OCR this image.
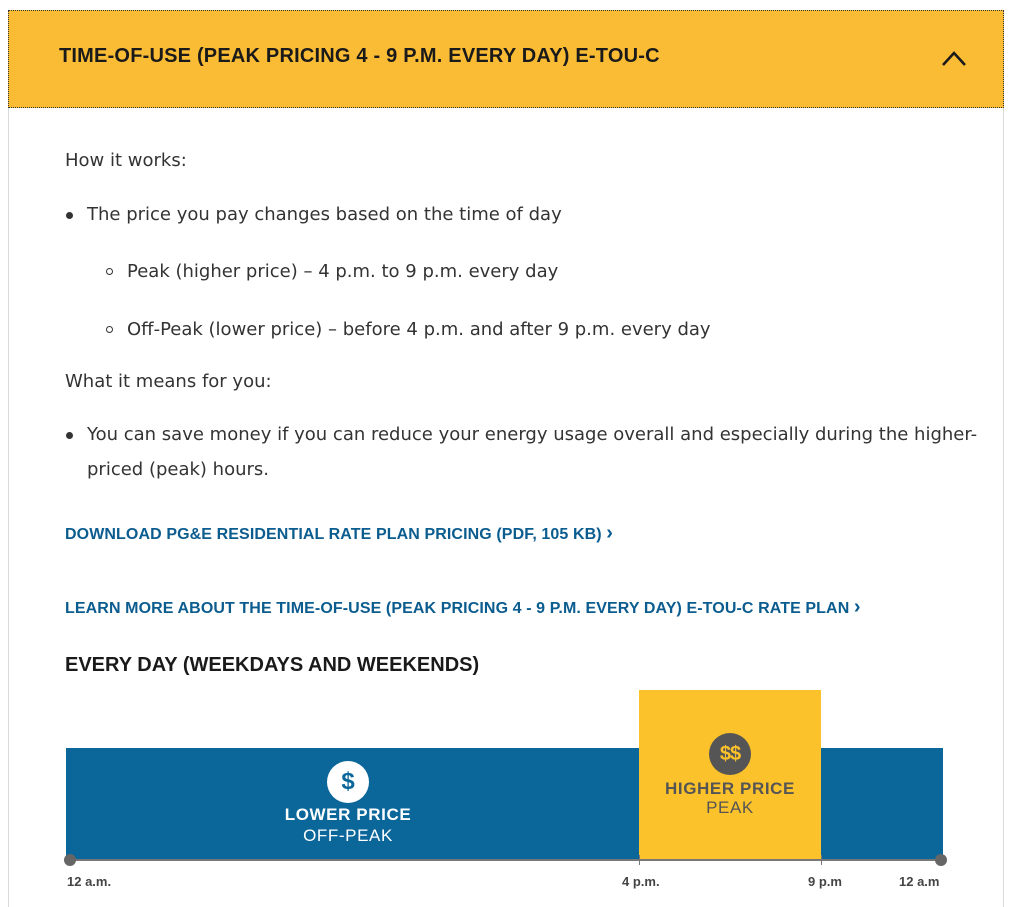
TIME-OF-USE (PEAK PRICING 4 - 9 P.M. EVERY DAY) E-TOU-C
How it works:
The price you pay changes based on the time of day
Peak (higher price) – 4 p.m. to 9 p.m. every day
Off-Peak (lower price) – before 4 p.m. and after 9 p.m. every day
What it means for you:
You can save money if you can reduce your energy usage overall and especially during the higher-
priced (peak) hours.
DOWNLOAD PG&E RESIDENTIAL RATE PLAN PRICING (PDF, 105 KB) ›
LEARN MORE ABOUT THE TIME-OF-USE (PEAK PRICING 4 - 9 P.M. EVERY DAY) E-TOU-C RATE PLAN ›
EVERY DAY (WEEKDAYS AND WEEKENDS)
$
LOWER PRICE
OFF-PEAK
$$
HIGHER PRICE
PEAK
12 a.m.	4 p.m.	9 p.m	12 a.m
